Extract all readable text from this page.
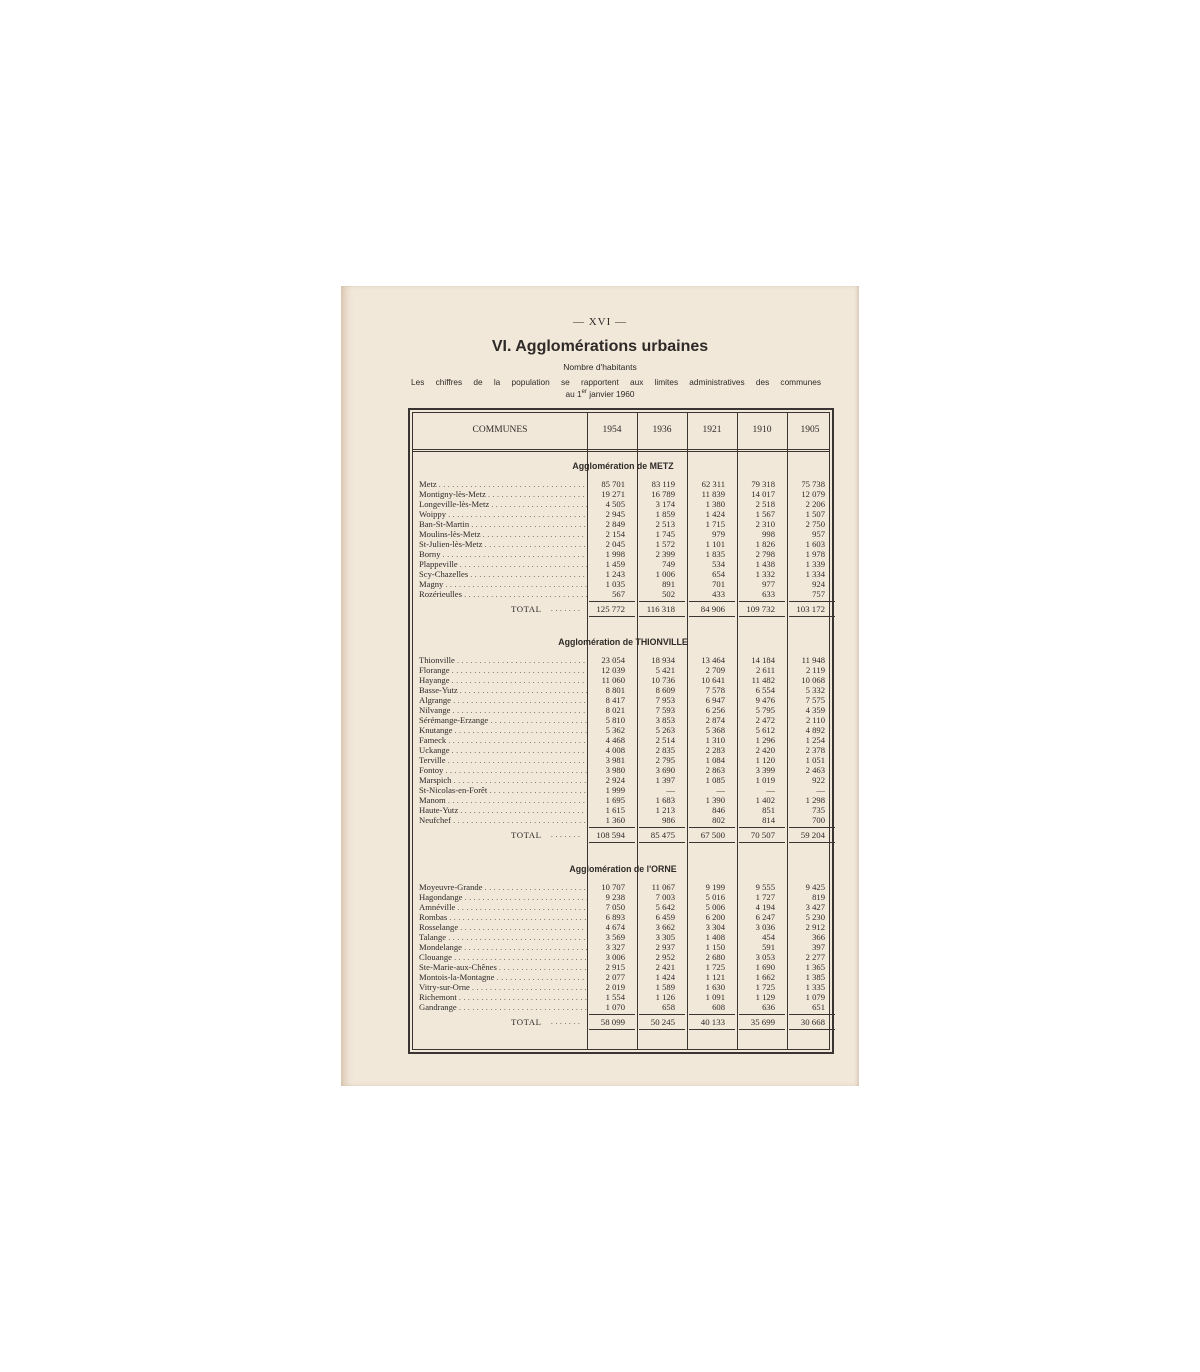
— XVI —
VI. Agglomérations urbaines
Nombre d'habitants
Les chiffres de la population se rapportent aux limites administratives des communes
au 1er janvier 1960
COMMUNES	1954	1936	1921	1910	1905
Agglomération de METZ
Metz . . .	85 701	83 119	62 311	79 318	75 738
Montigny-lès-Metz . . .	19 271	16 789	11 839	14 017	12 079
Longeville-lès-Metz . . .	4 505	3 174	1 380	2 518	2 206
Woippy . . .	2 945	1 859	1 424	1 567	1 507
Ban-St-Martin . . .	2 849	2 513	1 715	2 310	2 750
Moulins-lès-Metz . . .	2 154	1 745	979	998	957
St-Julien-lès-Metz . . .	2 045	1 572	1 101	1 826	1 603
Borny . . .	1 998	2 399	1 835	2 798	1 978
Plappeville . . .	1 459	749	534	1 438	1 339
Scy-Chazelles . . .	1 243	1 006	654	1 332	1 334
Magny . . .	1 035	891	701	977	924
Rozérieulles . . .	567	502	433	633	757
TOTAL . . . . . . .	125 772	116 318	84 906	109 732	103 172
Agglomération de THIONVILLE
Thionville . . .	23 054	18 934	13 464	14 184	11 948
Florange . . .	12 039	5 421	2 709	2 611	2 119
Hayange . . .	11 060	10 736	10 641	11 482	10 068
Basse-Yutz . . .	8 801	8 609	7 578	6 554	5 332
Algrange . . .	8 417	7 953	6 947	9 476	7 575
Nilvange . . .	8 021	7 593	6 256	5 795	4 359
Sérémange-Erzange . . .	5 810	3 853	2 874	2 472	2 110
Knutange . . .	5 362	5 263	5 368	5 612	4 892
Fameck . . .	4 468	2 514	1 310	1 296	1 254
Uckange . . .	4 008	2 835	2 283	2 420	2 378
Terville . . .	3 981	2 795	1 084	1 120	1 051
Fontoy . . .	3 980	3 690	2 863	3 399	2 463
Marspich . . .	2 924	1 397	1 085	1 019	922
St-Nicolas-en-Forêt . . .	1 999	—	—	—	—
Manom . . .	1 695	1 683	1 390	1 402	1 298
Haute-Yutz . . .	1 615	1 213	846	851	735
Neufchef . . .	1 360	986	802	814	700
TOTAL . . . . . . .	108 594	85 475	67 500	70 507	59 204
Agglomération de l'ORNE
Moyeuvre-Grande . . .	10 707	11 067	9 199	9 555	9 425
Hagondange . . .	9 238	7 003	5 016	1 727	819
Amnéville . . .	7 050	5 642	5 006	4 194	3 427
Rombas . . .	6 893	6 459	6 200	6 247	5 230
Rosselange . . .	4 674	3 662	3 304	3 036	2 912
Talange . . .	3 569	3 305	1 408	454	366
Mondelange . . .	3 327	2 937	1 150	591	397
Clouange . . .	3 006	2 952	2 680	3 053	2 277
Ste-Marie-aux-Chênes . . .	2 915	2 421	1 725	1 690	1 365
Montois-la-Montagne . . .	2 077	1 424	1 121	1 662	1 385
Vitry-sur-Orne . . .	2 019	1 589	1 630	1 725	1 335
Richemont . . .	1 554	1 126	1 091	1 129	1 079
Gandrange . . .	1 070	658	608	636	651
TOTAL . . . . . . .	58 099	50 245	40 133	35 699	30 668
